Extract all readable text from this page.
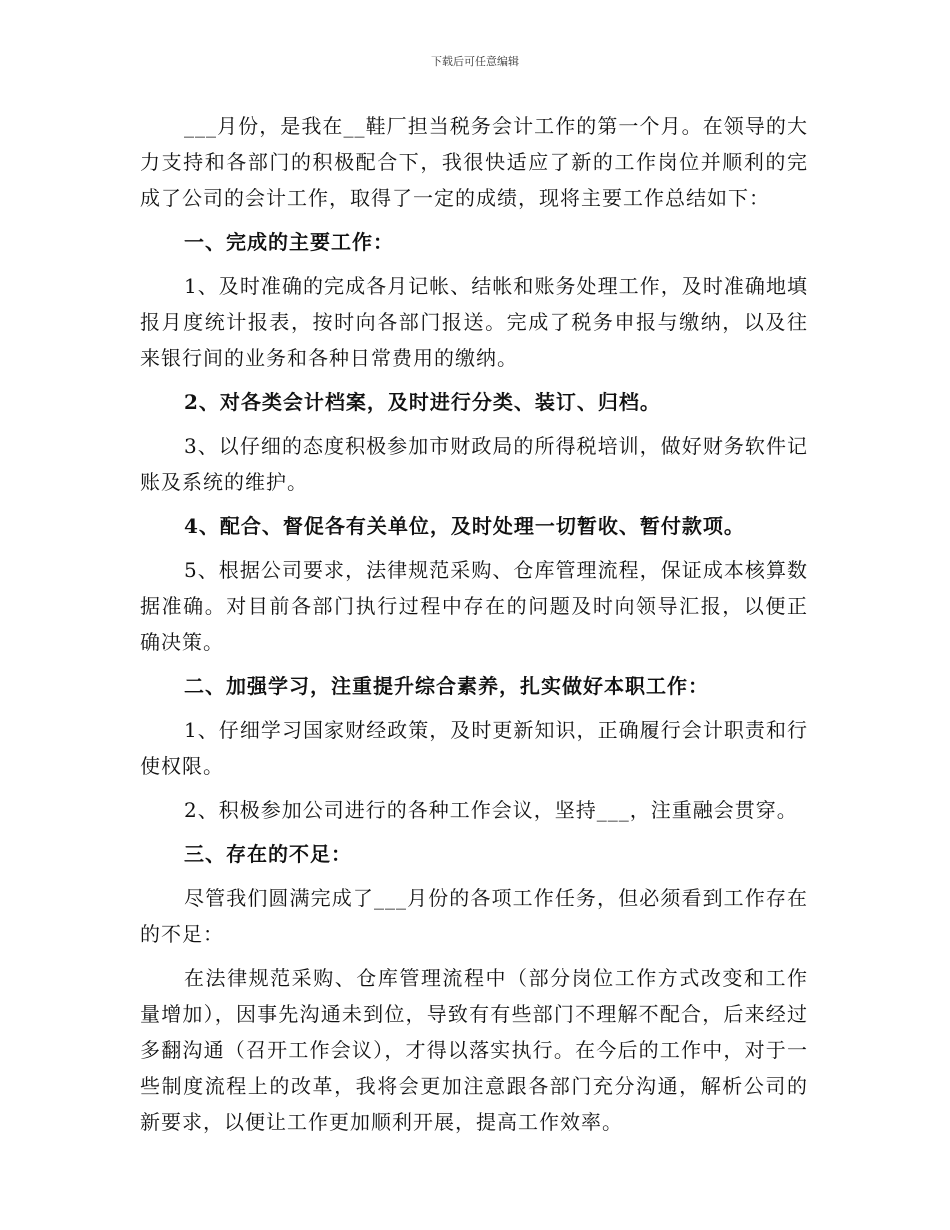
下载后可任意编辑

___月份，是我在__鞋厂担当税务会计工作的第一个月。在领导的大力支持和各部门的积极配合下，我很快适应了新的工作岗位并顺利的完成了公司的会计工作，取得了一定的成绩，现将主要工作总结如下：

一、完成的主要工作：

1、及时准确的完成各月记帐、结帐和账务处理工作，及时准确地填报月度统计报表，按时向各部门报送。完成了税务申报与缴纳，以及往来银行间的业务和各种日常费用的缴纳。

2、对各类会计档案，及时进行分类、装订、归档。

3、以仔细的态度积极参加市财政局的所得税培训，做好财务软件记账及系统的维护。

4、配合、督促各有关单位，及时处理一切暂收、暂付款项。

5、根据公司要求，法律规范采购、仓库管理流程，保证成本核算数据准确。对目前各部门执行过程中存在的问题及时向领导汇报，以便正确决策。

二、加强学习，注重提升综合素养，扎实做好本职工作：

1、仔细学习国家财经政策，及时更新知识，正确履行会计职责和行使权限。

2、积极参加公司进行的各种工作会议，坚持___，注重融会贯穿。

三、存在的不足：

尽管我们圆满完成了___月份的各项工作任务，但必须看到工作存在的不足：

在法律规范采购、仓库管理流程中（部分岗位工作方式改变和工作量增加），因事先沟通未到位，导致有有些部门不理解不配合，后来经过多翻沟通（召开工作会议），才得以落实执行。在今后的工作中，对于一些制度流程上的改革，我将会更加注意跟各部门充分沟通，解析公司的新要求，以便让工作更加顺利开展，提高工作效率。
